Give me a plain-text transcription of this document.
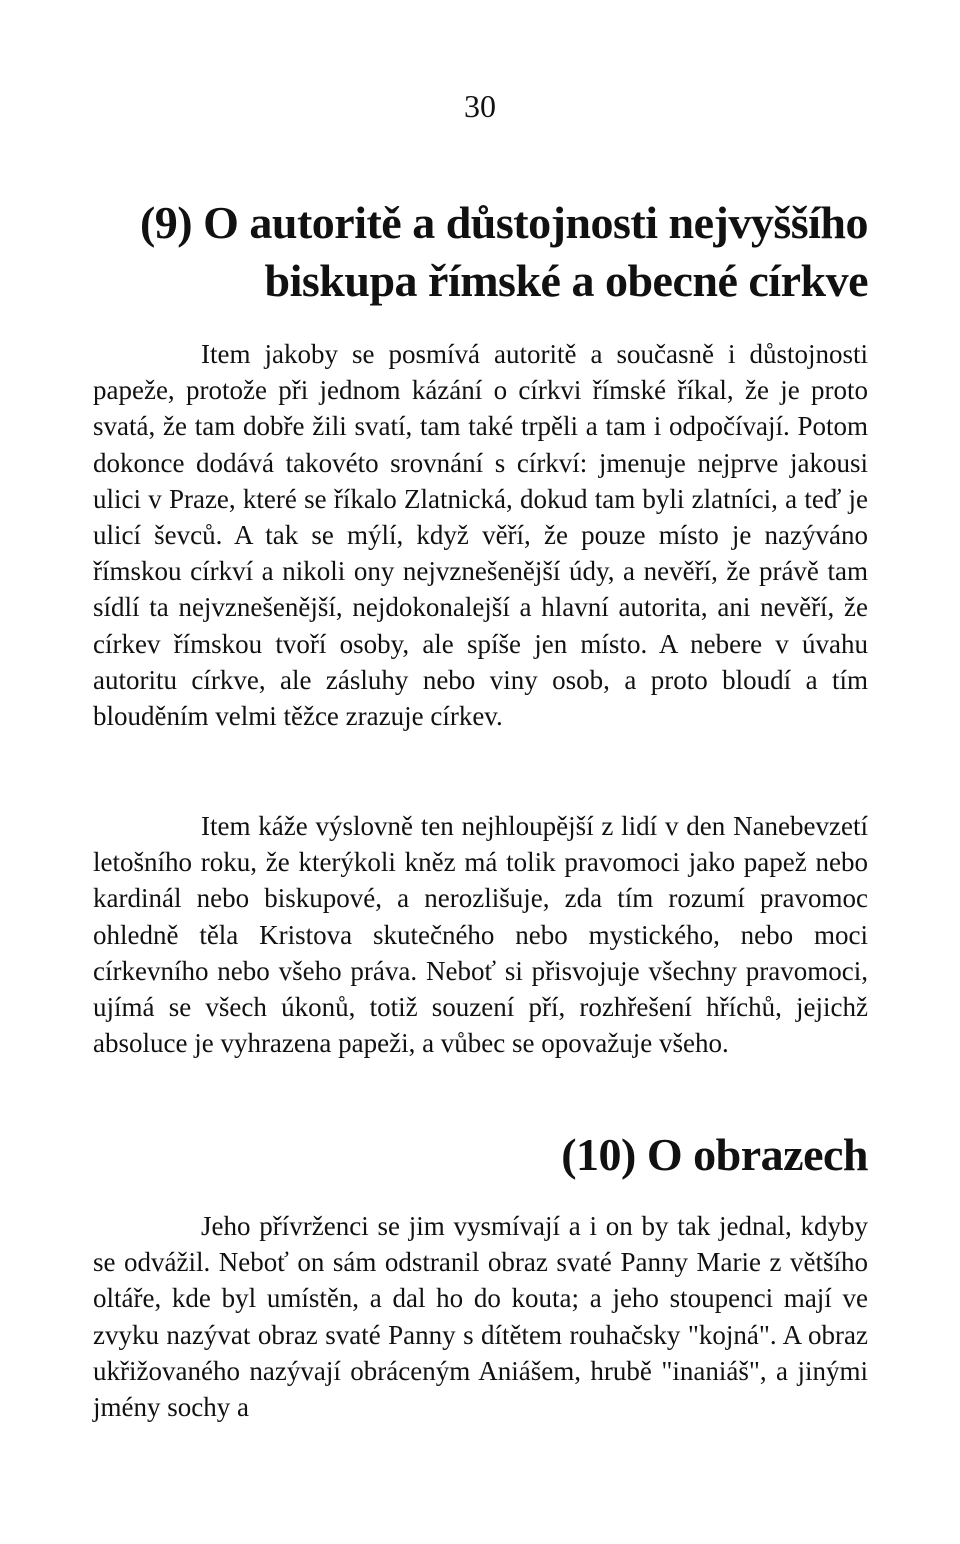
30
(9) O autoritě a důstojnosti nejvyššího
biskupa římské a obecné církve

Item jakoby se posmívá autoritě a současně i důstojnosti papeže, protože při jednom kázání o církvi římské říkal, že je proto svatá, že tam dobře žili svatí, tam také trpěli a tam i odpočívají. Potom dokonce dodává takovéto srovnání s církví: jmenuje nejprve jakousi ulici v Praze, které se říkalo Zlatnická, dokud tam byli zlatníci, a teď je ulicí ševců. A tak se mýlí, když věří, že pouze místo je nazýváno římskou církví a nikoli ony nejvznešenější údy, a nevěří, že právě tam sídlí ta nejvznešenější, nejdokonalejší a hlavní autorita, ani nevěří, že církev římskou tvoří osoby, ale spíše jen místo. A nebere v úvahu autoritu církve, ale zásluhy nebo viny osob, a proto bloudí a tím blouděním velmi těžce zrazuje církev.

Item káže výslovně ten nejhloupější z lidí v den Nanebevzetí letošního roku, že kterýkoli kněz má tolik pravomoci jako papež nebo kardinál nebo biskupové, a nerozlišuje, zda tím rozumí pravomoc ohledně těla Kristova skutečného nebo mystického, nebo moci církevního nebo všeho práva. Neboť si přisvojuje všechny pravomoci, ujímá se všech úkonů, totiž souzení pří, rozhřešení hříchů, jejichž absoluce je vyhrazena papeži, a vůbec se opovažuje všeho.

(10) O obrazech

Jeho přívrženci se jim vysmívají a i on by tak jednal, kdyby se odvážil. Neboť on sám odstranil obraz svaté Panny Marie z většího oltáře, kde byl umístěn, a dal ho do kouta; a jeho stoupenci mají ve zvyku nazývat obraz svaté Panny s dítětem rouhačsky "kojná". A obraz ukřižovaného nazývají obráceným Aniášem, hrubě "inaniáš", a jinými jmény sochy a
